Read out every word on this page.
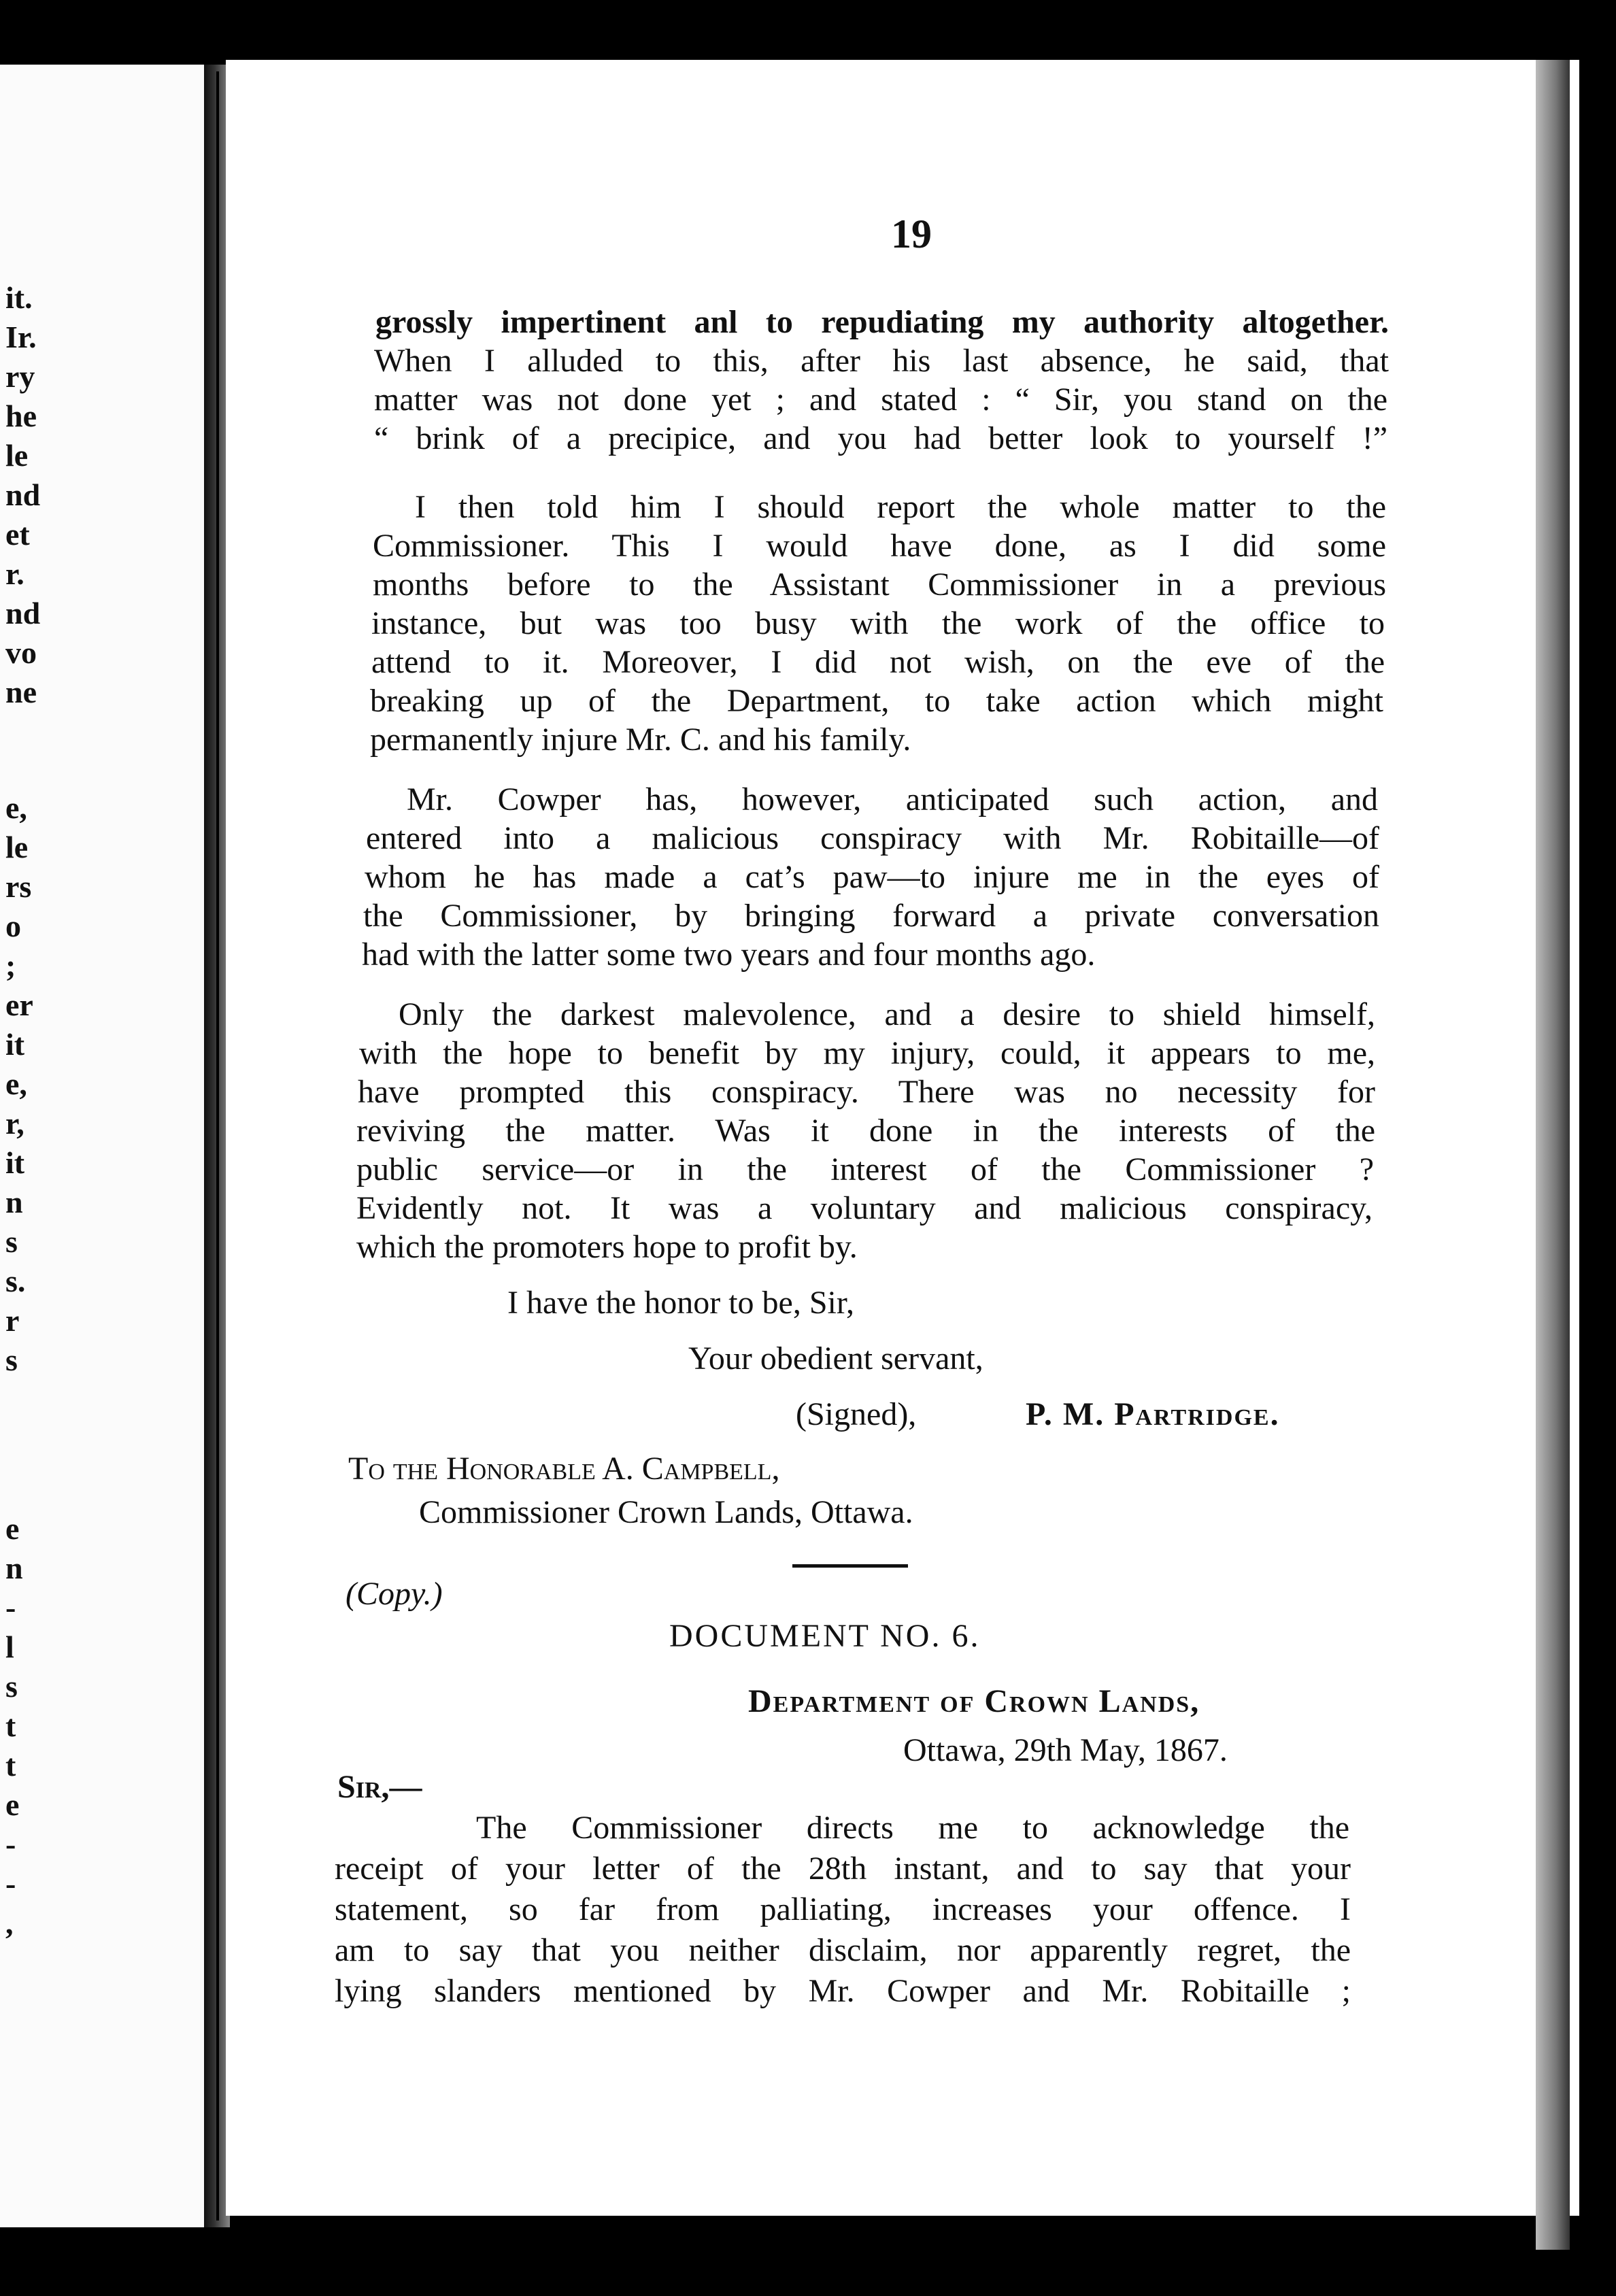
it.
Ir.
ry
he
le
nd
et
r.
nd
vo
ne
e,
le
rs
o
;
er
it
e,
r,
it
n
s
s.
r
s
e
n
-
l
s
t
t
e
-
-
,
19
grossly impertinent anl to repudiating my authority altogether.
When I alluded to this, after his last absence, he said, that
matter was not done yet ; and stated : “ Sir, you stand on the
“ brink of a precipice, and you had better look to yourself !”
I then told him I should report the whole matter to the
Commissioner. This I would have done, as I did some
months before to the Assistant Commissioner in a previous
instance, but was too busy with the work of the office to
attend to it. Moreover, I did not wish, on the eve of the
breaking up of the Department, to take action which might
permanently injure Mr. C. and his family.
Mr. Cowper has, however, anticipated such action, and
entered into a malicious conspiracy with Mr. Robitaille—of
whom he has made a cat’s paw—to injure me in the eyes of
the Commissioner, by bringing forward a private conversation
had with the latter some two years and four months ago.
Only the darkest malevolence, and a desire to shield himself,
with the hope to benefit by my injury, could, it appears to me,
have prompted this conspiracy. There was no necessity for
reviving the matter. Was it done in the interests of the
public service—or in the interest of the Commissioner ?
Evidently not. It was a voluntary and malicious conspiracy,
which the promoters hope to profit by.
I have the honor to be, Sir,
Your obedient servant,
(Signed),	P. M. Partridge.
To the Honorable A. Campbell,
Commissioner Crown Lands, Ottawa.
(Copy.)
DOCUMENT NO. 6.
Department of Crown Lands,
Ottawa, 29th May, 1867.
Sir,—
The Commissioner directs me to acknowledge the
receipt of your letter of the 28th instant, and to say that your
statement, so far from palliating, increases your offence. I
am to say that you neither disclaim, nor apparently regret, the
lying slanders mentioned by Mr. Cowper and Mr. Robitaille ;
